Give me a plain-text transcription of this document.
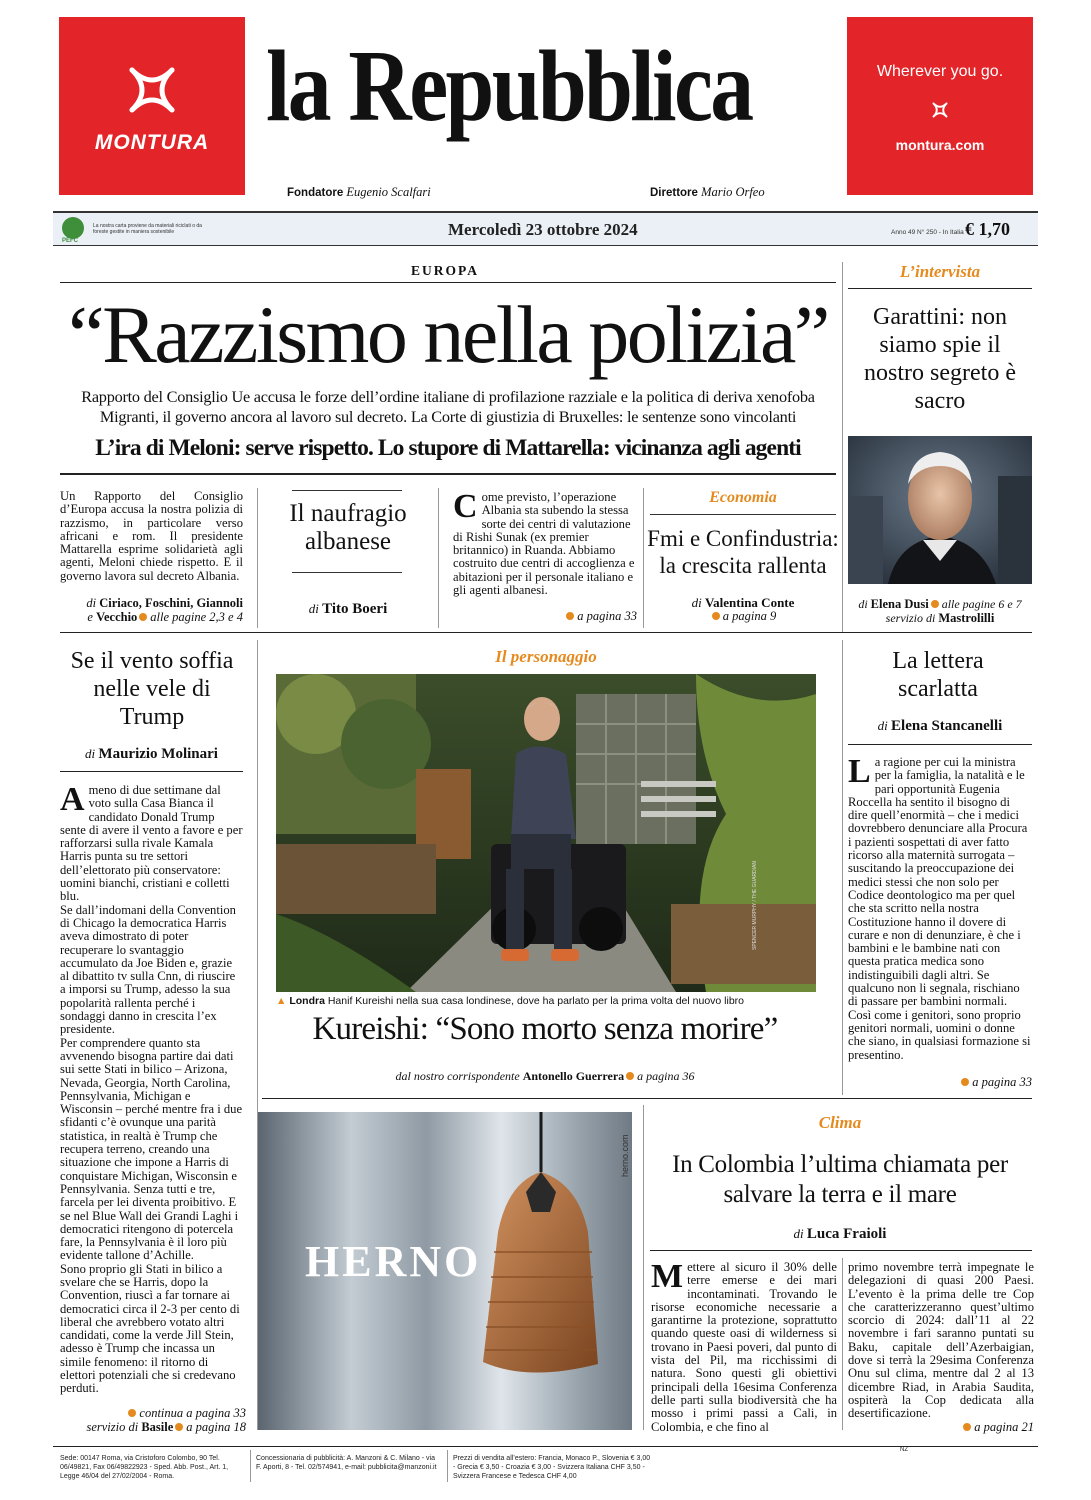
MONTURA la Repubblica
Fondatore Eugenio Scalfari	Direttore Mario Orfeo
Wherever you go.
montura.com
PEFC
La nostra carta proviene da materiali riciclati o da foreste gestite in maniera sostenibile	Mercoledì 23 ottobre 2024	Anno 49 N° 250 - In Italia € 1,70
EUROPA
“Razzismo nella polizia”
Rapporto del Consiglio Ue accusa le forze dell’ordine italiane di profilazione razziale e la politica di deriva xenofoba
Migranti, il governo ancora al lavoro sul decreto. La Corte di giustizia di Bruxelles: le sentenze sono vincolanti
L’ira di Meloni: serve rispetto. Lo stupore di Mattarella: vicinanza agli agenti
Un Rapporto del Consiglio d’Europa accusa la nostra polizia di razzismo, in particolare verso africani e rom. Il presidente Mattarella esprime solidarietà agli agenti, Meloni chiede rispetto. E il governo lavora sul decreto Albania.
di Ciriaco, Foschini, Giannoli
e Vecchio alle pagine 2,3 e 4
Il naufragio albanese
di Tito Boeri
Come previsto, l’operazione Albania sta subendo la stessa sorte dei centri di valutazione di Rishi Sunak (ex premier britannico) in Ruanda. Abbiamo costruito due centri di accoglienza e abitazioni per il personale italiano e gli agenti albanesi.
a pagina 33
Economia
Fmi e Confindustria: la crescita rallenta
di Valentina Conte
a pagina 9
L’intervista
Garattini: non siamo spie il nostro segreto è sacro
di Elena Dusi alle pagine 6 e 7
servizio di Mastrolilli
Se il vento soffia nelle vele di Trump
di Maurizio Molinari
Ameno di due settimane dal voto sulla Casa Bianca il candidato Donald Trump sente di avere il vento a favore e per rafforzarsi sulla rivale Kamala Harris punta su tre settori dell’elettorato più conservatore: uomini bianchi, cristiani e colletti blu.
Se dall’indomani della Convention di Chicago la democratica Harris aveva dimostrato di poter recuperare lo svantaggio accumulato da Joe Biden e, grazie al dibattito tv sulla Cnn, di riuscire a imporsi su Trump, adesso la sua popolarità rallenta perché i sondaggi danno in crescita l’ex presidente.
Per comprendere quanto sta avvenendo bisogna partire dai dati sui sette Stati in bilico – Arizona, Nevada, Georgia, North Carolina, Pennsylvania, Michigan e Wisconsin – perché mentre fra i due sfidanti c’è ovunque una parità statistica, in realtà è Trump che recupera terreno, creando una situazione che impone a Harris di conquistare Michigan, Wisconsin e Pennsylvania. Senza tutti e tre, farcela per lei diventa proibitivo. E se nel Blue Wall dei Grandi Laghi i democratici ritengono di potercela fare, la Pennsylvania è il loro più evidente tallone d’Achille.
Sono proprio gli Stati in bilico a svelare che se Harris, dopo la Convention, riuscì a far tornare ai democratici circa il 2-3 per cento di liberal che avrebbero votato altri candidati, come la verde Jill Stein, adesso è Trump che incassa un simile fenomeno: il ritorno di elettori potenziali che si credevano perduti.
continua a pagina 33
servizio di Basile a pagina 18
Il personaggio
SPENCER MURPHY / THE GUARDIAN
▲ Londra Hanif Kureishi nella sua casa londinese, dove ha parlato per la prima volta del nuovo libro
Kureishi: “Sono morto senza morire”
dal nostro corrispondente Antonello Guerrera a pagina 36
La lettera scarlatta
di Elena Stancanelli
La ragione per cui la ministra per la famiglia, la natalità e le pari opportunità Eugenia Roccella ha sentito il bisogno di dire quell’enormità – che i medici dovrebbero denunciare alla Procura i pazienti sospettati di aver fatto ricorso alla maternità surrogata – suscitando la preoccupazione dei medici stessi che non solo per Codice deontologico ma per quel che sta scritto nella nostra Costituzione hanno il dovere di curare e non di denunziare, è che i bambini e le bambine nati con questa pratica medica sono indistinguibili dagli altri. Se qualcuno non li segnala, rischiano di passare per bambini normali. Così come i genitori, sono proprio genitori normali, uomini o donne che siano, in qualsiasi formazione si presentino.
a pagina 33
HERNO
herno.com
Clima
In Colombia l’ultima chiamata per salvare la terra e il mare
di Luca Fraioli
Mettere al sicuro il 30% delle terre emerse e dei mari incontaminati. Trovando le risorse economiche necessarie a garantirne la protezione, soprattutto quando queste oasi di wilderness si trovano in Paesi poveri, dal punto di vista del Pil, ma ricchissimi di natura. Sono questi gli obiettivi principali della 16esima Conferenza delle parti sulla biodiversità che ha mosso i primi passi a Cali, in Colombia, e che fino al
primo novembre terrà impegnate le delegazioni di quasi 200 Paesi. L’evento è la prima delle tre Cop che caratterizzeranno quest’ultimo scorcio di 2024: dall’11 al 22 novembre i fari saranno puntati su Baku, capitale dell’Azerbaigian, dove si terrà la 29esima Conferenza Onu sul clima, mentre dal 2 al 13 dicembre Riad, in Arabia Saudita, ospiterà la Cop dedicata alla desertificazione.
a pagina 21
Sede: 00147 Roma, via Cristoforo Colombo, 90 Tel. 06/49821, Fax 06/49822923 - Sped. Abb. Post., Art. 1, Legge 46/04 del 27/02/2004 - Roma.
Concessionaria di pubblicità: A. Manzoni & C. Milano - via F. Aporti, 8 - Tel. 02/574941, e-mail: pubblicita@manzoni.it
Prezzi di vendita all’estero: Francia, Monaco P., Slovenia € 3,00 - Grecia € 3,50 - Croazia € 3,00 - Svizzera Italiana CHF 3,50 - Svizzera Francese e Tedesca CHF 4,00
NZ
